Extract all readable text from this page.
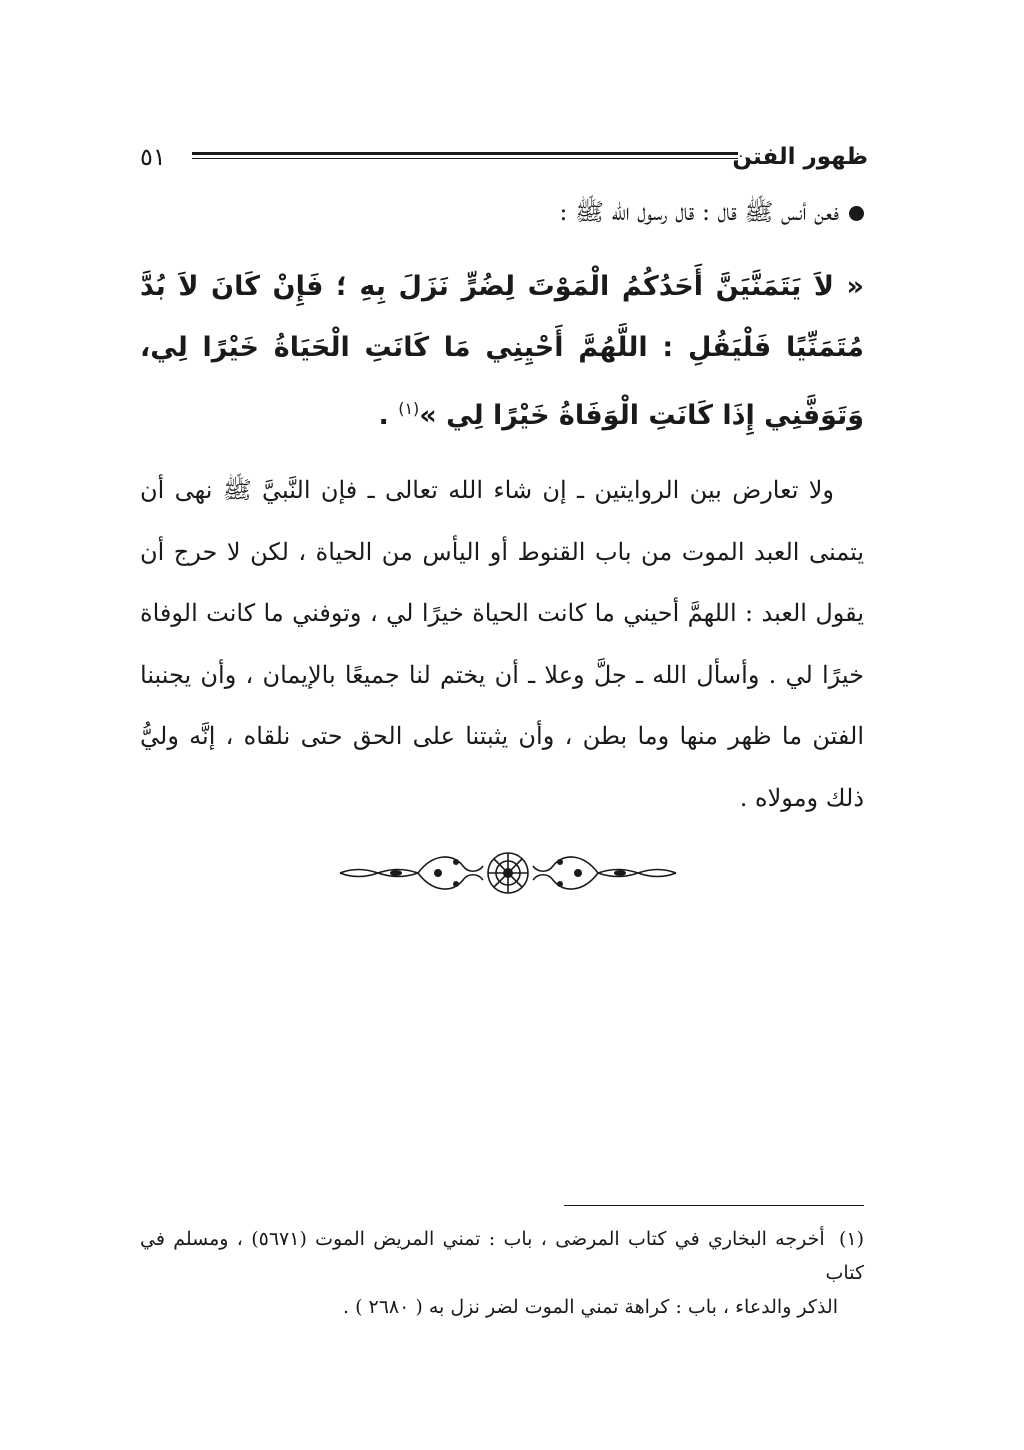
ظهور الفتن
٥١
فعن أنس ﷺ قال : قال رسول الله ﷺ :
« لاَ يَتَمَنَّيَنَّ أَحَدُكُمُ الْمَوْتَ لِضُرٍّ نَزَلَ بِهِ ؛ فَإِنْ كَانَ لاَ بُدَّ مُتَمَنِّيًا فَلْيَقُلِ : اللَّهُمَّ أَحْيِنِي مَا كَانَتِ الْحَيَاةُ خَيْرًا لِي، وَتَوَفَّنِي إِذَا كَانَتِ الْوَفَاةُ خَيْرًا لِي »$^{(١)}$ .
ولا تعارض بين الروايتين ـ إن شاء الله تعالى ـ فإن النَّبيَّ ﷺ نهى أن يتمنى العبد الموت من باب القنوط أو اليأس من الحياة ، لكن لا حرج أن يقول العبد : اللهمَّ أحيني ما كانت الحياة خيرًا لي ، وتوفني ما كانت الوفاة خيرًا لي . وأسأل الله ـ جلَّ وعلا ـ أن يختم لنا جميعًا بالإيمان ، وأن يجنبنا الفتن ما ظهر منها وما بطن ، وأن يثبتنا على الحق حتى نلقاه ، إنَّه وليُّ ذلك ومولاه .
(١) أخرجه البخاري في كتاب المرضى ، باب : تمني المريض الموت (٥٦٧١) ، ومسلم في كتاب
الذكر والدعاء ، باب : كراهة تمني الموت لضر نزل به ( ٢٦٨٠ ) .
